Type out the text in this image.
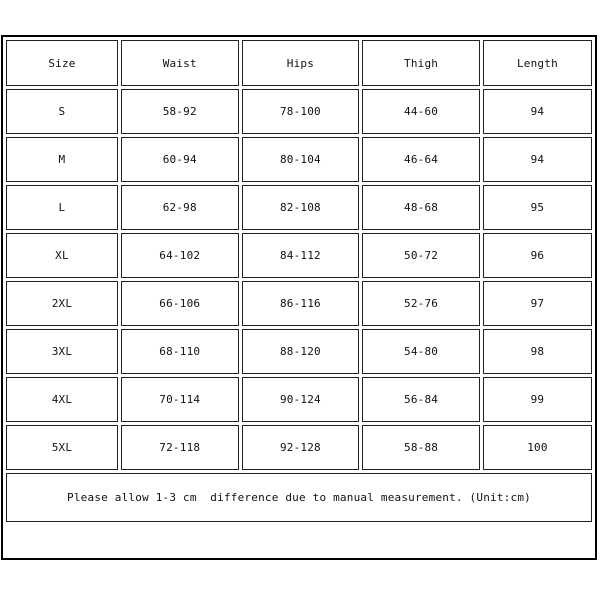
Size	Waist	Hips	Thigh	Length
S	58-92	78-100	44-60	94
M	60-94	80-104	46-64	94
L	62-98	82-108	48-68	95
XL	64-102	84-112	50-72	96
2XL	66-106	86-116	52-76	97
3XL	68-110	88-120	54-80	98
4XL	70-114	90-124	56-84	99
5XL	72-118	92-128	58-88	100
Please allow 1-3 cm  difference due to manual measurement. (Unit:cm)
